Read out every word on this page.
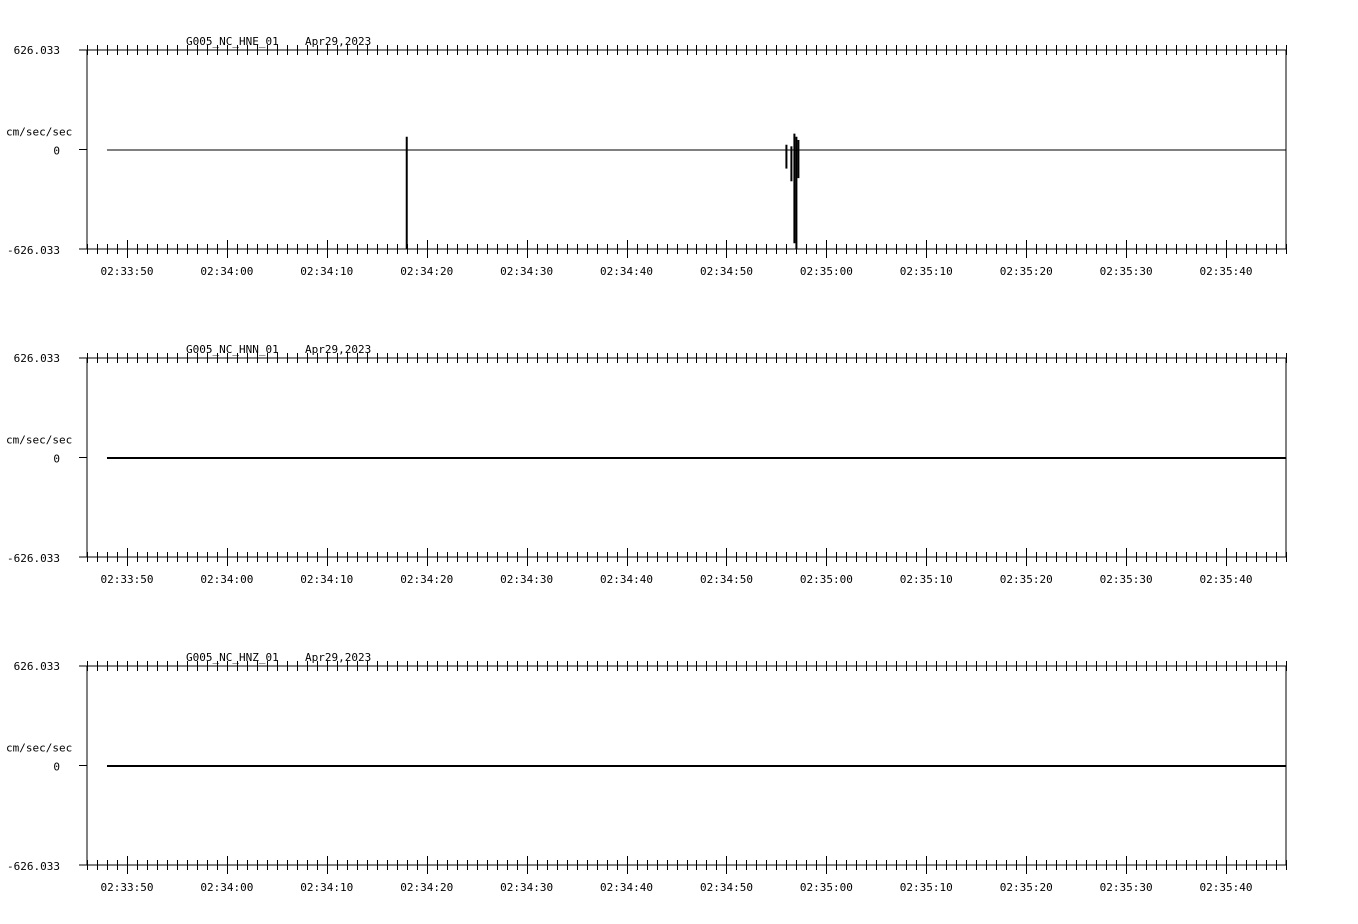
G005_NC_HNE_01 Apr29,2023
626.033
0
-626.033
cm/sec/sec
02:33:50	02:34:00	02:34:10	02:34:20	02:34:30	02:34:40	02:34:50	02:35:00	02:35:10	02:35:20	02:35:30	02:35:40
G005_NC_HNN_01 Apr29,2023
626.033
0
-626.033
cm/sec/sec
02:33:50	02:34:00	02:34:10	02:34:20	02:34:30	02:34:40	02:34:50	02:35:00	02:35:10	02:35:20	02:35:30	02:35:40
G005_NC_HNZ_01 Apr29,2023
626.033
0
-626.033
cm/sec/sec
02:33:50	02:34:00	02:34:10	02:34:20	02:34:30	02:34:40	02:34:50	02:35:00	02:35:10	02:35:20	02:35:30	02:35:40
